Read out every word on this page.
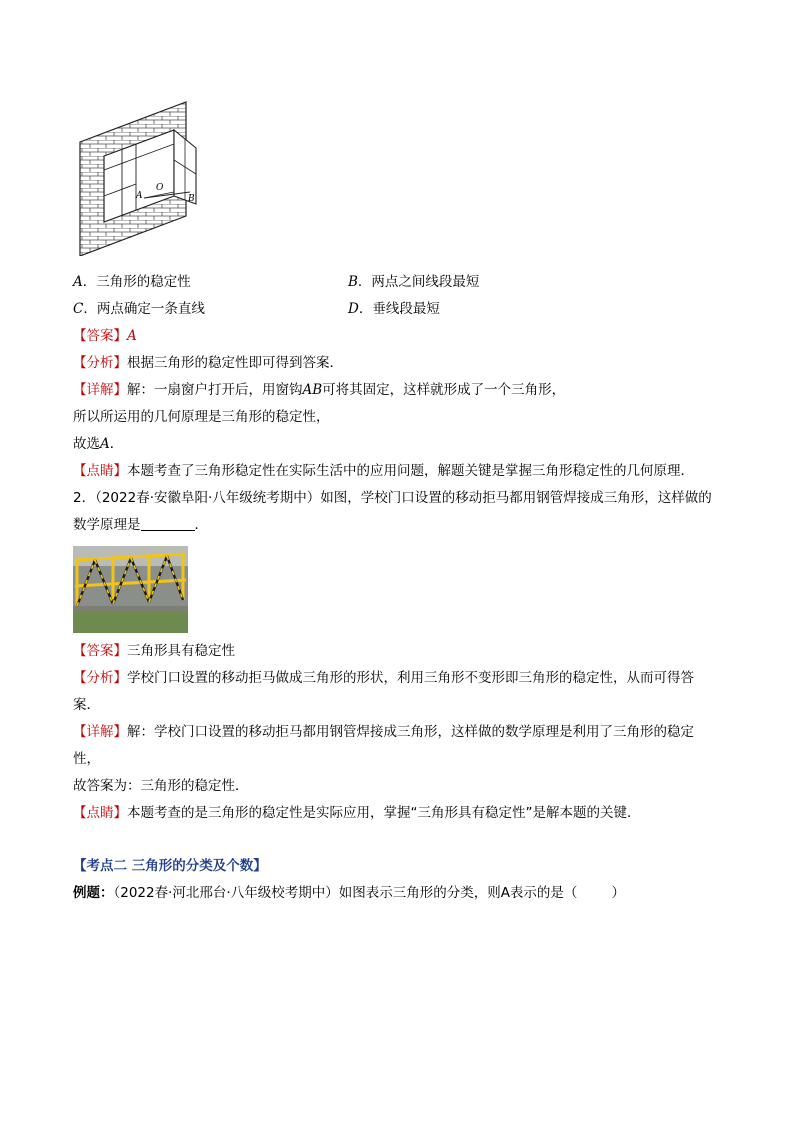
A
O
B
A．三角形的稳定性	B．两点之间线段最短
C．两点确定一条直线	D．垂线段最短
【答案】A
【分析】根据三角形的稳定性即可得到答案．
【详解】解：一扇窗户打开后，用窗钩AB可将其固定，这样就形成了一个三角形，
所以所运用的几何原理是三角形的稳定性，
故选A．
【点睛】本题考查了三角形稳定性在实际生活中的应用问题，解题关键是掌握三角形稳定性的几何原理．
2．（2022春·安徽阜阳·八年级统考期中）如图，学校门口设置的移动拒马都用钢管焊接成三角形，这样做的
数学原理是	．
【答案】三角形具有稳定性
【分析】学校门口设置的移动拒马做成三角形的形状，利用三角形不变形即三角形的稳定性，从而可得答
案．
【详解】解：学校门口设置的移动拒马都用钢管焊接成三角形，这样做的数学原理是利用了三角形的稳定
性，
故答案为：三角形的稳定性．
【点睛】本题考查的是三角形的稳定性是实际应用，掌握“三角形具有稳定性”是解本题的关键．
【考点二 三角形的分类及个数】
例题：（2022春·河北邢台·八年级校考期中）如图表示三角形的分类，则A表示的是（	）
